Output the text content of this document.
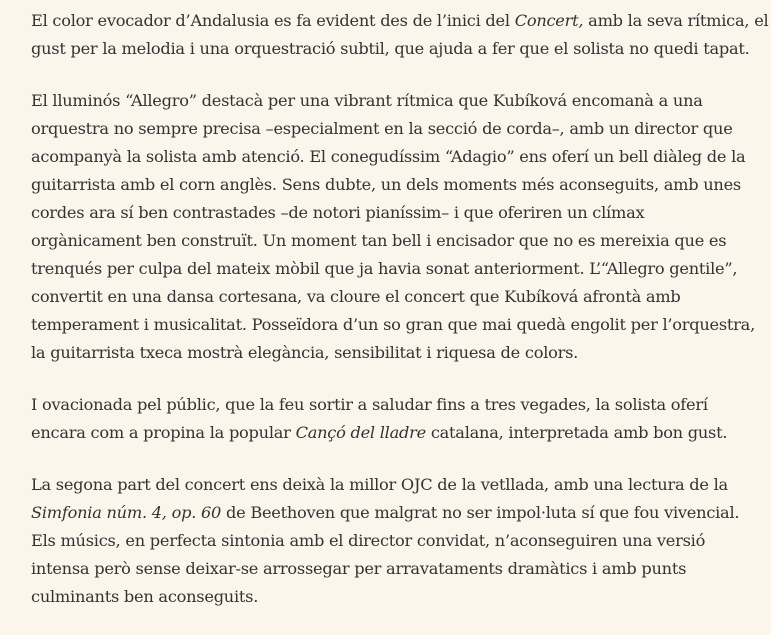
El color evocador d’Andalusia es fa evident des de l’inici del Concert, amb la seva rítmica, el
gust per la melodia i una orquestració subtil, que ajuda a fer que el solista no quedi tapat.

El lluminós “Allegro” destacà per una vibrant rítmica que Kubíková encomanà a una
orquestra no sempre precisa –especialment en la secció de corda–, amb un director que
acompanyà la solista amb atenció. El conegudíssim “Adagio” ens oferí un bell diàleg de la
guitarrista amb el corn anglès. Sens dubte, un dels moments més aconseguits, amb unes
cordes ara sí ben contrastades –de notori pianíssim– i que oferiren un clímax
orgànicament ben construït. Un moment tan bell i encisador que no es mereixia que es
trenqués per culpa del mateix mòbil que ja havia sonat anteriorment. L’“Allegro gentile”,
convertit en una dansa cortesana, va cloure el concert que Kubíková afrontà amb
temperament i musicalitat. Posseïdora d’un so gran que mai quedà engolit per l’orquestra,
la guitarrista txeca mostrà elegància, sensibilitat i riquesa de colors.

I ovacionada pel públic, que la feu sortir a saludar fins a tres vegades, la solista oferí
encara com a propina la popular Cançó del lladre catalana, interpretada amb bon gust.

La segona part del concert ens deixà la millor OJC de la vetllada, amb una lectura de la
Simfonia núm. 4, op. 60 de Beethoven que malgrat no ser impol·luta sí que fou vivencial.
Els músics, en perfecta sintonia amb el director convidat, n’aconseguiren una versió
intensa però sense deixar-se arrossegar per arravataments dramàtics i amb punts
culminants ben aconseguits.
